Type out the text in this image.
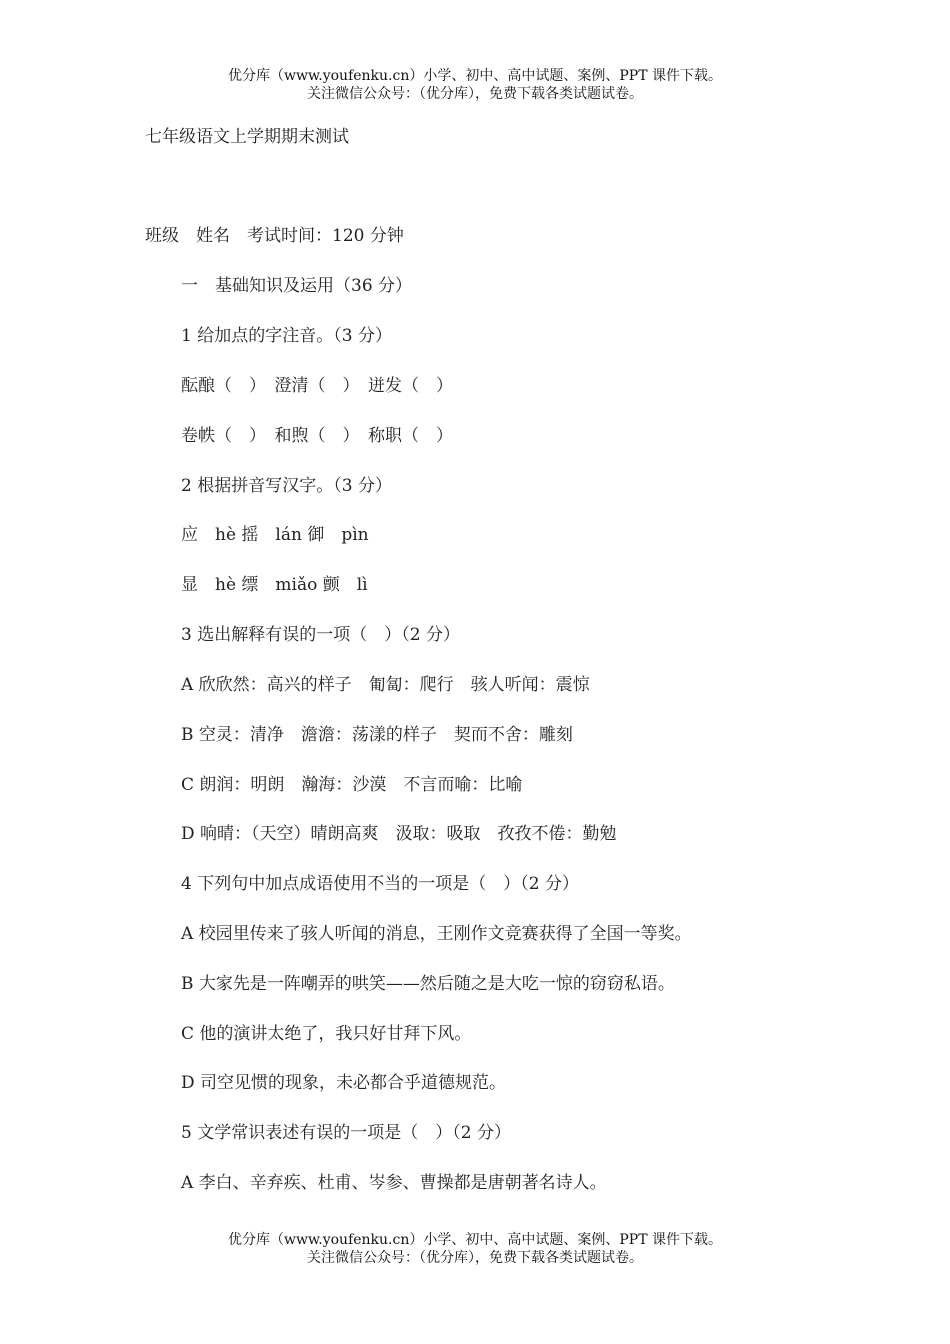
优分库（www.youfenku.cn）小学、初中、高中试题、案例、PPT 课件下载。
关注微信公众号：（优分库），免费下载各类试题试卷。
七年级语文上学期期末测试
班级　姓名　考试时间：120 分钟
一　基础知识及运用（36 分）
1 给加点的字注音。（3 分）
酝酿（　）　澄清（　）　迸发（　）
卷帙（　）　和煦（　）　称职（　）
2 根据拼音写汉字。（3 分）
应　hè 摇　lán 御　pìn
显　hè 缥　miǎo 颤　lì
3 选出解释有误的一项（　）（2 分）
A 欣欣然：高兴的样子　匍匐：爬行　骇人听闻：震惊
B 空灵：清净　澹澹：荡漾的样子　契而不舍：雕刻
C 朗润：明朗　瀚海：沙漠　不言而喻：比喻
D 响晴：（天空）晴朗高爽　汲取：吸取　孜孜不倦：勤勉
4 下列句中加点成语使用不当的一项是（　）（2 分）
A 校园里传来了骇人听闻的消息，王刚作文竞赛获得了全国一等奖。
B 大家先是一阵嘲弄的哄笑——然后随之是大吃一惊的窃窃私语。
C 他的演讲太绝了，我只好甘拜下风。
D 司空见惯的现象，未必都合乎道德规范。
5 文学常识表述有误的一项是（　）（2 分）
A 李白、辛弃疾、杜甫、岑参、曹操都是唐朝著名诗人。
优分库（www.youfenku.cn）小学、初中、高中试题、案例、PPT 课件下载。
关注微信公众号：（优分库），免费下载各类试题试卷。
